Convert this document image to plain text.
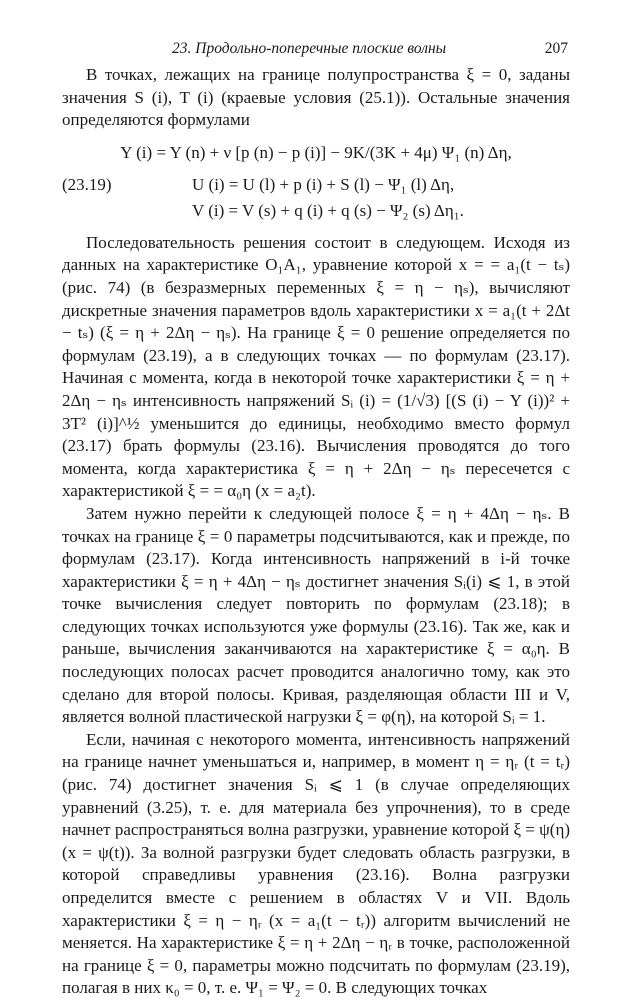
23. Продольно-поперечные плоские волны	207

В точках, лежащих на границе полупространства ξ = 0, заданы значения S (i), T (i) (краевые условия (25.1)). Остальные значения определяются формулами

Y (i) = Y (n) + ν [p (n) − p (i)] − 9K/(3K + 4μ) Ψ₁ (n) Δη,
(23.19)	U (i) = U (l) + p (i) + S (l) − Ψ₁ (l) Δη,
V (i) = V (s) + q (i) + q (s) − Ψ₂ (s) Δη₁.

Последовательность решения состоит в следующем. Исходя из данных на характеристике O₁A₁, уравнение которой x = = a₁(t − tₛ) (рис. 74) (в безразмерных переменных ξ = η − ηₛ), вычисляют дискретные значения параметров вдоль характеристики x = a₁(t + 2Δt − tₛ) (ξ = η + 2Δη − ηₛ). На границе ξ = 0 решение определяется по формулам (23.19), а в следующих точках — по формулам (23.17). Начиная с момента, когда в некоторой точке характеристики ξ = η + 2Δη − ηₛ интенсивность напряжений Sᵢ (i) = (1/√3) [(S (i) − Y (i))² + 3T² (i)]^½ уменьшится до единицы, необходимо вместо формул (23.17) брать формулы (23.16). Вычисления проводятся до того момента, когда характеристика ξ = η + 2Δη − ηₛ пересечется с характеристикой ξ = = α₀η (x = a₂t).

Затем нужно перейти к следующей полосе ξ = η + 4Δη − ηₛ. В точках на границе ξ = 0 параметры подсчитываются, как и прежде, по формулам (23.17). Когда интенсивность напряжений в i-й точке характеристики ξ = η + 4Δη − ηₛ достигнет значения Sᵢ(i) ⩽ 1, в этой точке вычисления следует повторить по формулам (23.18); в следующих точках используются уже формулы (23.16). Так же, как и раньше, вычисления заканчиваются на характеристике ξ = α₀η. В последующих полосах расчет проводится аналогично тому, как это сделано для второй полосы. Кривая, разделяющая области III и V, является волной пластической нагрузки ξ = φ(η), на которой Sᵢ = 1.

Если, начиная с некоторого момента, интенсивность напряжений на границе начнет уменьшаться и, например, в момент η = ηᵣ (t = tᵣ) (рис. 74) достигнет значения Sᵢ ⩽ 1 (в случае определяющих уравнений (3.25), т. е. для материала без упрочнения), то в среде начнет распространяться волна разгрузки, уравнение которой ξ = ψ(η) (x = ψ(t)). За волной разгрузки будет следовать область разгрузки, в которой справедливы уравнения (23.16). Волна разгрузки определится вместе с решением в областях V и VII. Вдоль характеристики ξ = η − ηᵣ (x = a₁(t − tᵣ)) алгоритм вычислений не меняется. На характеристике ξ = η + 2Δη − ηᵣ в точке, расположенной на границе ξ = 0, параметры можно подсчитать по формулам (23.19), полагая в них κ₀ = 0, т. е. Ψ₁ = Ψ₂ = 0. В следующих точках
